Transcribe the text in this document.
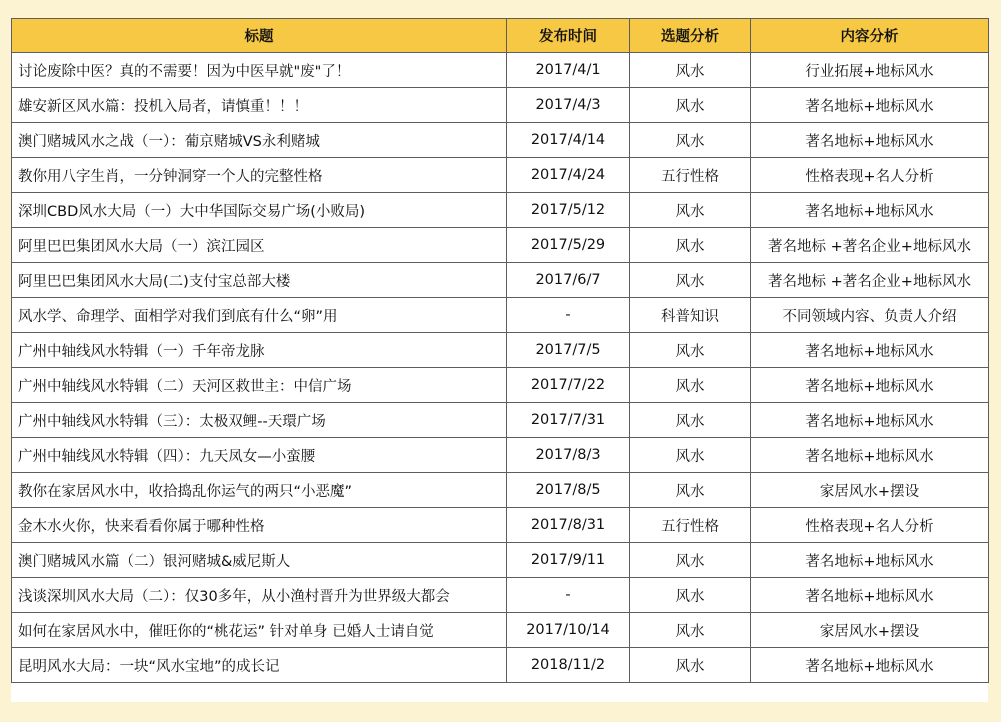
标题	发布时间	选题分析	内容分析
讨论废除中医？真的不需要！因为中医早就"废"了！	2017/4/1	风水	行业拓展+地标风水
雄安新区风水篇：投机入局者，请慎重！！！	2017/4/3	风水	著名地标+地标风水
澳门赌城风水之战（一）：葡京赌城VS永利赌城	2017/4/14	风水	著名地标+地标风水
教你用八字生肖，一分钟洞穿一个人的完整性格	2017/4/24	五行性格	性格表现+名人分析
深圳CBD风水大局（一）大中华国际交易广场(小败局)	2017/5/12	风水	著名地标+地标风水
阿里巴巴集团风水大局（一）滨江园区	2017/5/29	风水	著名地标 +著名企业+地标风水
阿里巴巴集团风水大局(二)支付宝总部大楼	2017/6/7	风水	著名地标 +著名企业+地标风水
风水学、命理学、面相学对我们到底有什么“卵”用	-	科普知识	不同领域内容、负责人介绍
广州中轴线风水特辑（一）千年帝龙脉	2017/7/5	风水	著名地标+地标风水
广州中轴线风水特辑（二）天河区救世主：中信广场	2017/7/22	风水	著名地标+地标风水
广州中轴线风水特辑（三）：太极双鲤--天環广场	2017/7/31	风水	著名地标+地标风水
广州中轴线风水特辑（四）：九天凤女—小蛮腰	2017/8/3	风水	著名地标+地标风水
教你在家居风水中，收拾捣乱你运气的两只“小恶魔”	2017/8/5	风水	家居风水+摆设
金木水火你，快来看看你属于哪种性格	2017/8/31	五行性格	性格表现+名人分析
澳门赌城风水篇（二）银河赌城&威尼斯人	2017/9/11	风水	著名地标+地标风水
浅谈深圳风水大局（二）：仅30多年，从小渔村晋升为世界级大都会	-	风水	著名地标+地标风水
如何在家居风水中，催旺你的“桃花运” 针对单身 已婚人士请自觉	2017/10/14	风水	家居风水+摆设
昆明风水大局：一块“风水宝地”的成长记	2018/11/2	风水	著名地标+地标风水
